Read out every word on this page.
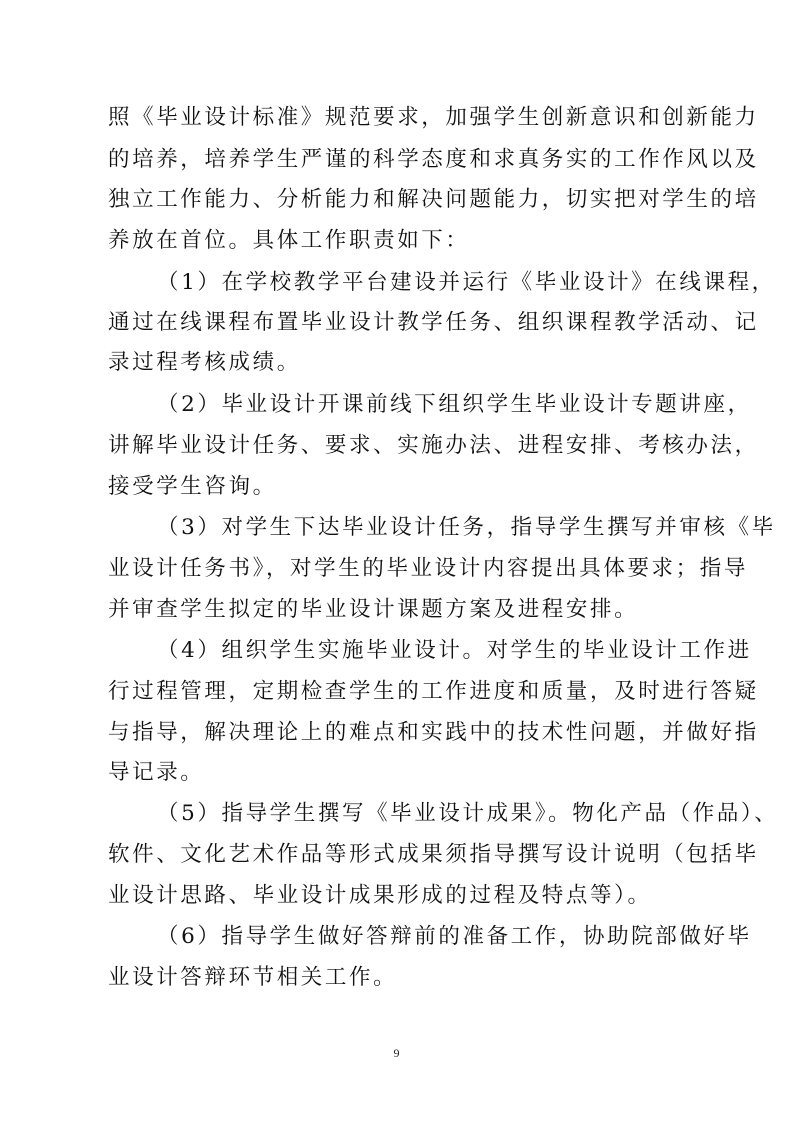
照《毕业设计标准》规范要求，加强学生创新意识和创新能力
的培养，培养学生严谨的科学态度和求真务实的工作作风以及
独立工作能力、分析能力和解决问题能力，切实把对学生的培
养放在首位。具体工作职责如下：
（1）在学校教学平台建设并运行《毕业设计》在线课程，
通过在线课程布置毕业设计教学任务、组织课程教学活动、记
录过程考核成绩。
（2）毕业设计开课前线下组织学生毕业设计专题讲座，
讲解毕业设计任务、要求、实施办法、进程安排、考核办法，
接受学生咨询。
（3）对学生下达毕业设计任务，指导学生撰写并审核《毕
业设计任务书》，对学生的毕业设计内容提出具体要求；指导
并审查学生拟定的毕业设计课题方案及进程安排。
（4）组织学生实施毕业设计。对学生的毕业设计工作进
行过程管理，定期检查学生的工作进度和质量，及时进行答疑
与指导，解决理论上的难点和实践中的技术性问题，并做好指
导记录。
（5）指导学生撰写《毕业设计成果》。物化产品（作品）、
软件、文化艺术作品等形式成果须指导撰写设计说明（包括毕
业设计思路、毕业设计成果形成的过程及特点等）。
（6）指导学生做好答辩前的准备工作，协助院部做好毕
业设计答辩环节相关工作。
9
